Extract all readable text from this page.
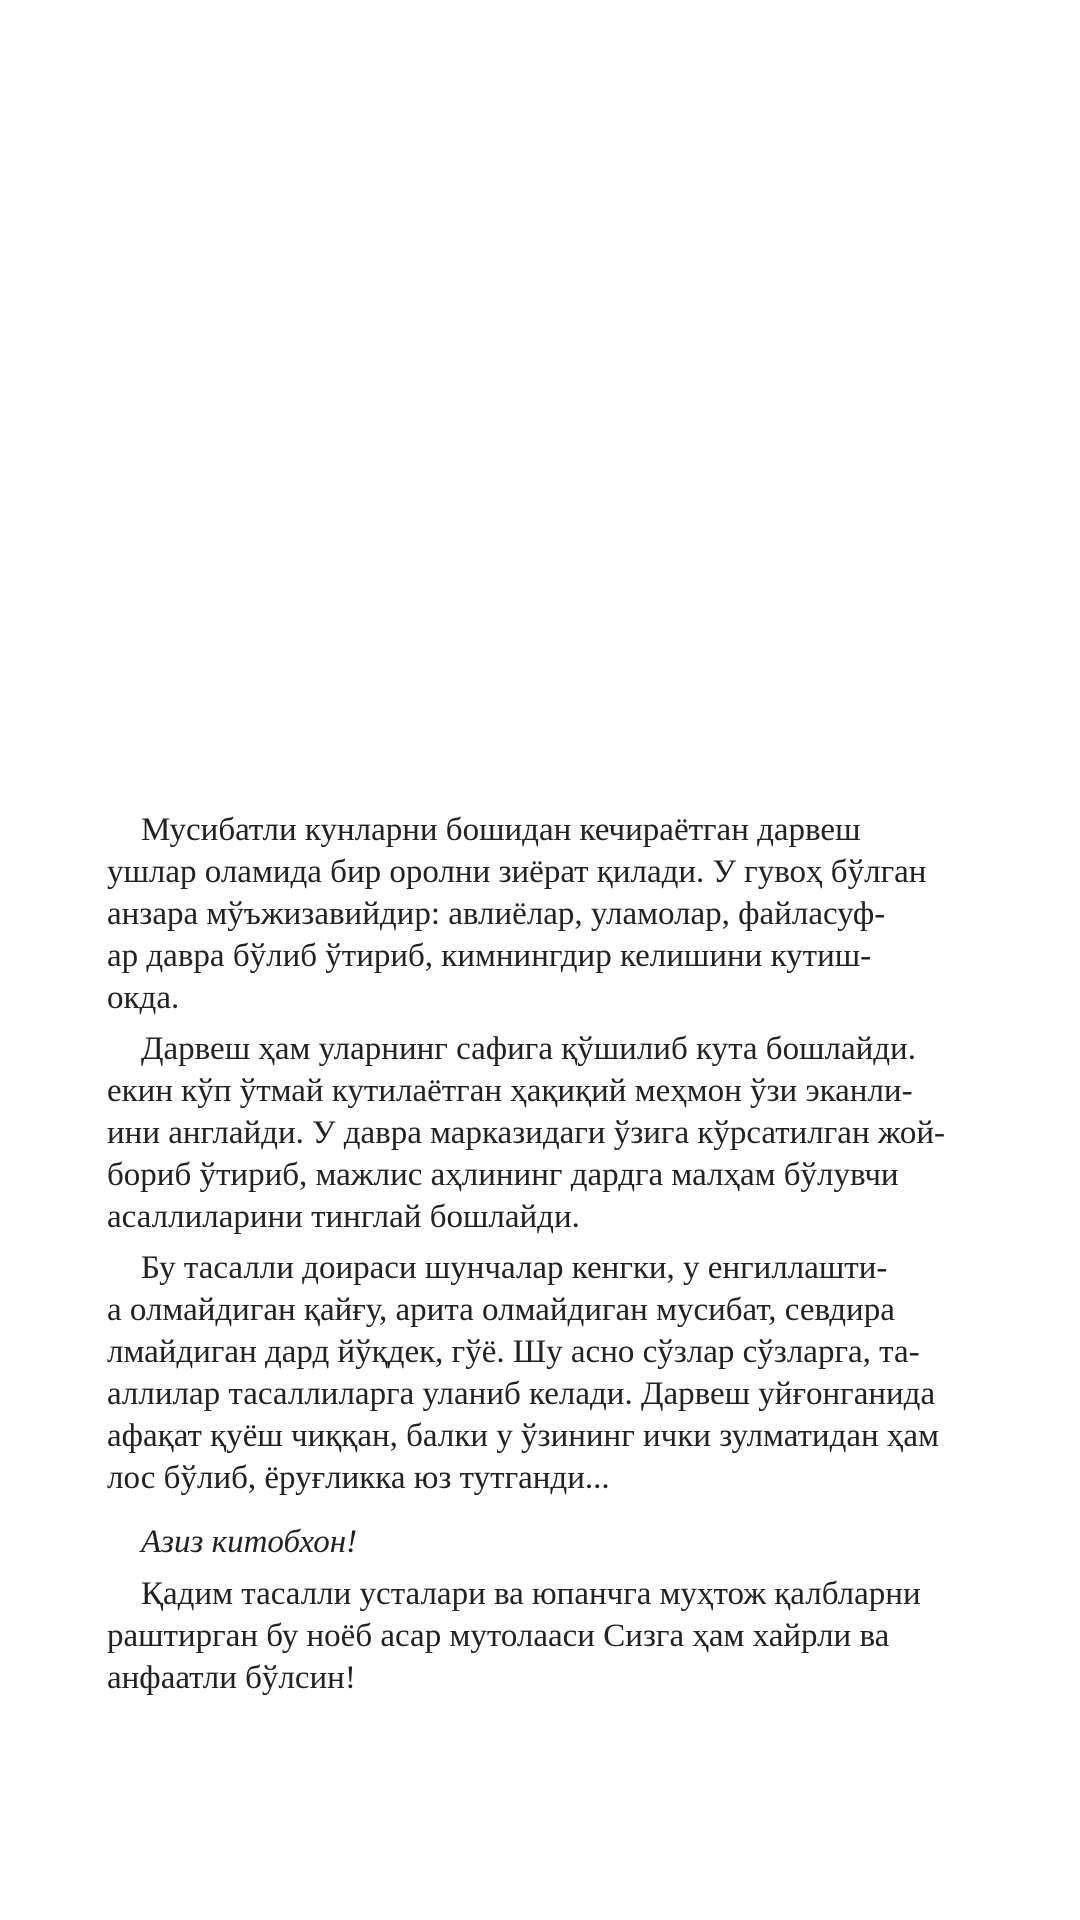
Мусибатли кунларни бошидан кечираётган дарвеш
ушлар оламида бир оролни зиёрат қилади. У гувоҳ бўлган
анзара мўъжизавийдир: авлиёлар, уламолар, файласуф-
ар давра бўлиб ўтириб, кимнингдир келишини кутиш-
окда.
Дарвеш ҳам уларнинг сафига қўшилиб кута бошлайди.
екин кўп ўтмай кутилаётган ҳақиқий меҳмон ўзи эканли-
ини англайди. У давра марказидаги ўзига кўрсатилган жой-
бориб ўтириб, мажлис аҳлининг дардга малҳам бўлувчи
асаллиларини тинглай бошлайди.
Бу тасалли доираси шунчалар кенгки, у енгиллашти-
а олмайдиган қайғу, арита олмайдиган мусибат, севдира
лмайдиган дард йўқдек, гўё. Шу асно сўзлар сўзларга, та-
аллилар тасаллиларга уланиб келади. Дарвеш уйғонганида
афақат қуёш чиққан, балки у ўзининг ички зулматидан ҳам
лос бўлиб, ёруғликка юз тутганди...
Азиз китобхон!
Қадим тасалли усталари ва юпанчга муҳтож қалбларни
раштирган бу ноёб асар мутолааси Сизга ҳам хайрли ва
анфаатли бўлсин!
